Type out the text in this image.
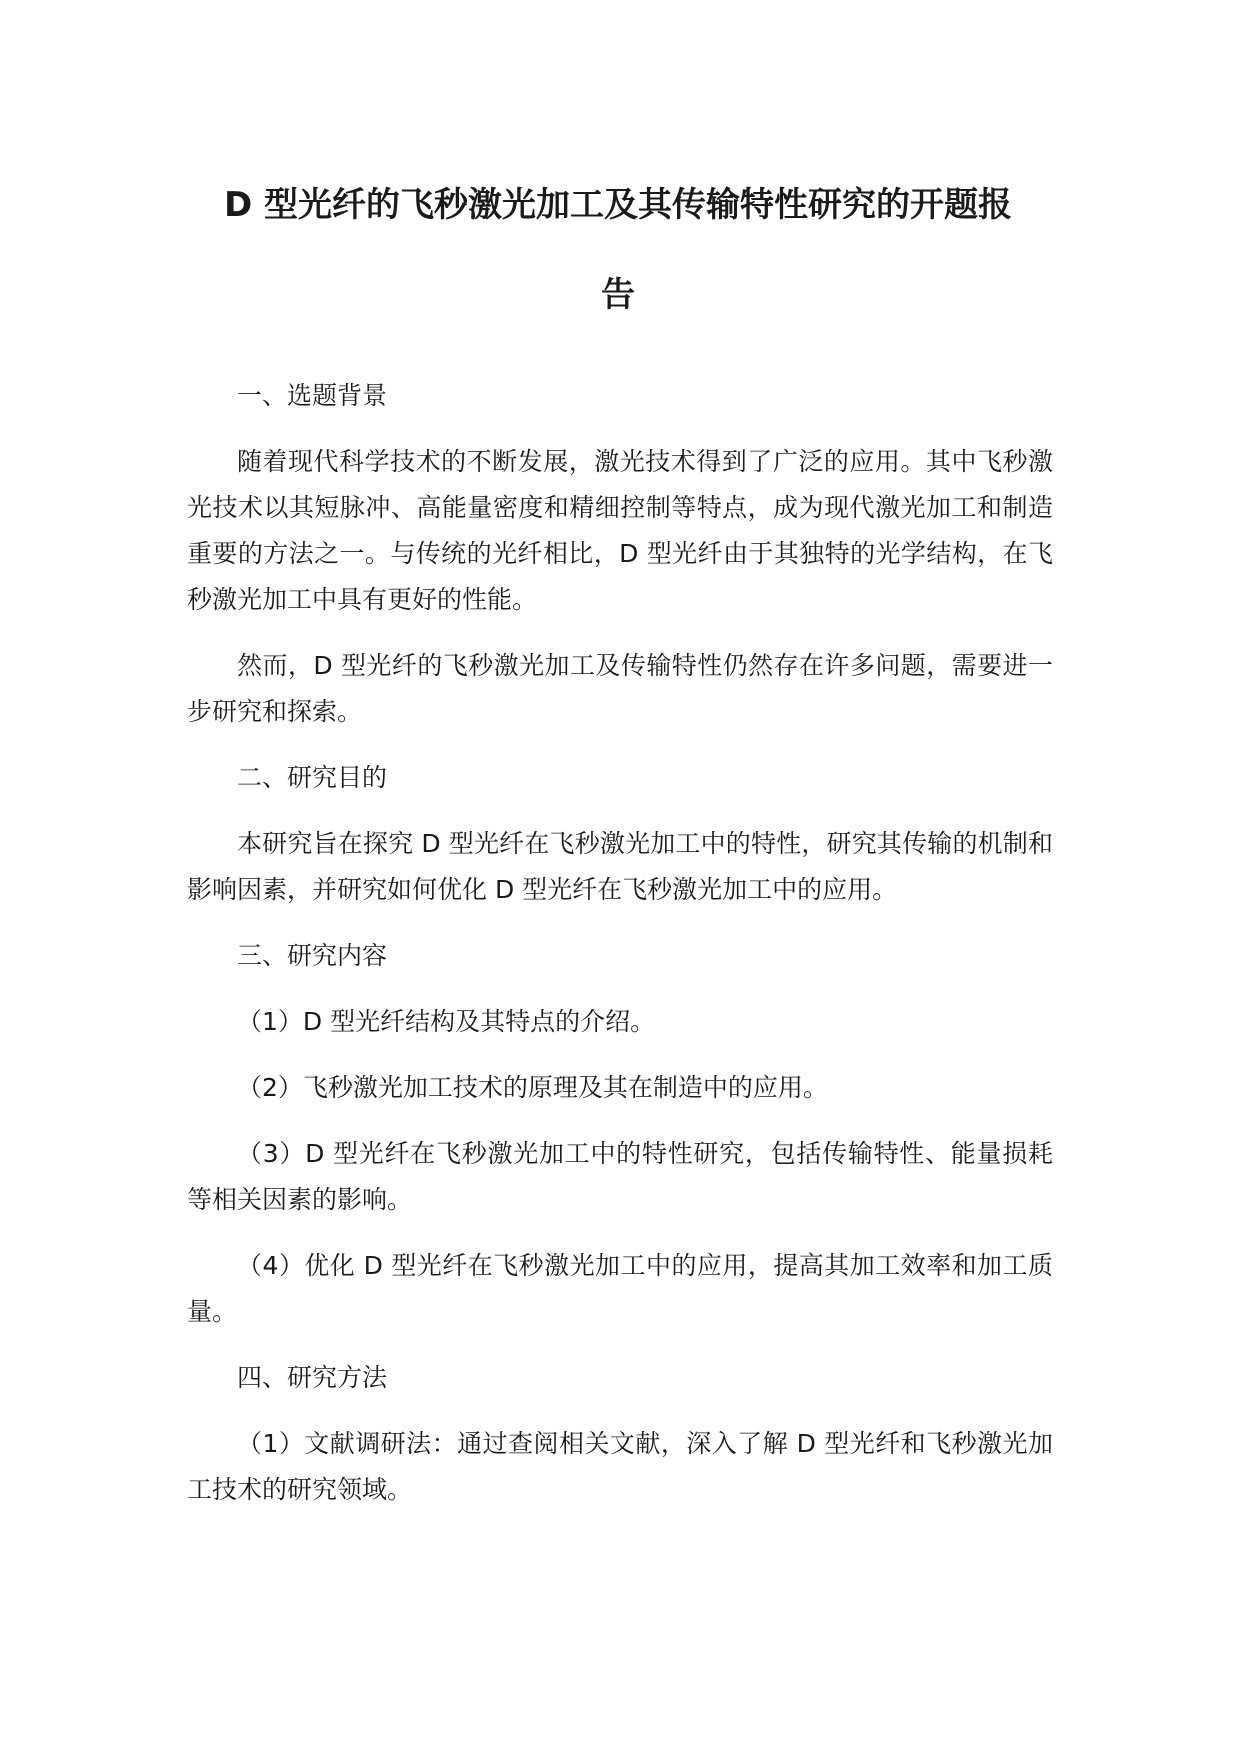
D 型光纤的飞秒激光加工及其传输特性研究的开题报
告

一、选题背景

随着现代科学技术的不断发展，激光技术得到了广泛的应用。其中飞秒激光技术以其短脉冲、高能量密度和精细控制等特点，成为现代激光加工和制造重要的方法之一。与传统的光纤相比，D 型光纤由于其独特的光学结构，在飞秒激光加工中具有更好的性能。

然而，D 型光纤的飞秒激光加工及传输特性仍然存在许多问题，需要进一步研究和探索。

二、研究目的

本研究旨在探究 D 型光纤在飞秒激光加工中的特性，研究其传输的机制和影响因素，并研究如何优化 D 型光纤在飞秒激光加工中的应用。

三、研究内容

（1）D 型光纤结构及其特点的介绍。

（2）飞秒激光加工技术的原理及其在制造中的应用。

（3）D 型光纤在飞秒激光加工中的特性研究，包括传输特性、能量损耗等相关因素的影响。

（4）优化 D 型光纤在飞秒激光加工中的应用，提高其加工效率和加工质量。

四、研究方法

（1）文献调研法：通过查阅相关文献，深入了解 D 型光纤和飞秒激光加工技术的研究领域。
